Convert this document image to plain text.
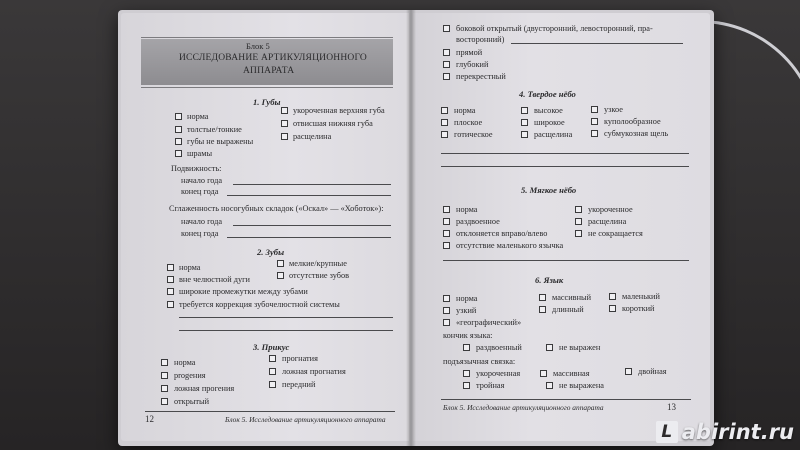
Блок 5
ИССЛЕДОВАНИЕ АРТИКУЛЯЦИОННОГО
АППАРАТА
1. Губы
норма
толстые/тонкие
губы не выражены
шрамы
укороченная верхняя губа
отвисшая нижняя губа
расщелина
Подвижность:
начало года
конец года
Сглаженность носогубных складок («Оскал» — «Хоботок»):
начало года
конец года
2. Зубы
норма
вне челюстной дуги
мелкие/крупные
отсутствие зубов
широкие промежутки между зубами
требуется коррекция зубочелюстной системы
3. Прикус
норма
progения
ложная прогения
открытый
прогнатия
ложная прогнатия
передний
12	Блок 5. Исследование артикуляционного аппарата
боковой открытый (двусторонний, левосторонний, пра-
восторонний)
прямой
глубокий
перекрестный
4. Твердое нёбо
норма
плоское
готическое
высокое
широкое
расщелина
узкое
куполообразное
субмукозная щель
5. Мягкое нёбо
норма
раздвоенное
отклоняется вправо/влево
отсутствие маленького язычка
укороченное
расщелина
не сокращается
6. Язык
норма
узкий
«географический»
массивный
длинный
маленький
короткий
кончик языка:
раздвоенный	не выражен
подъязычная связка:
укороченная	массивная	двойная
тройная	не выражена
Блок 5. Исследование артикуляционного аппарата	13
L abirint.ru
